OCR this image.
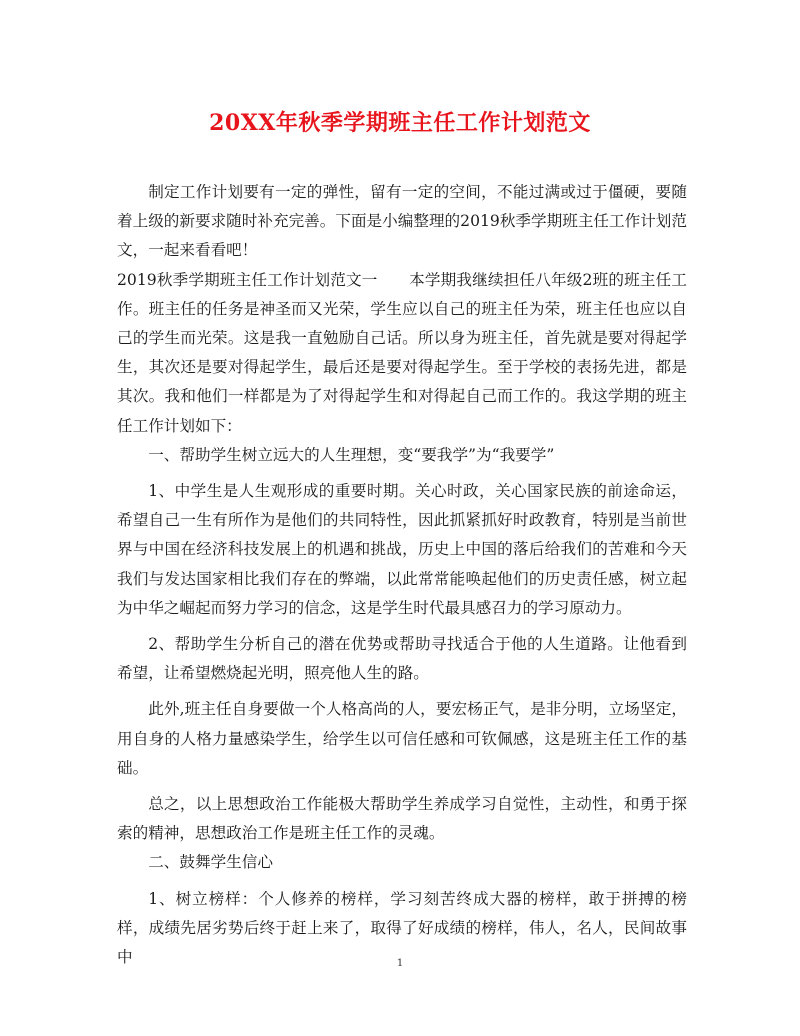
20XX年秋季学期班主任工作计划范文

制定工作计划要有一定的弹性，留有一定的空间，不能过满或过于僵硬，要随着上级的新要求随时补充完善。下面是小编整理的2019秋季学期班主任工作计划范文，一起来看看吧！

2019秋季学期班主任工作计划范文一　　本学期我继续担任八年级2班的班主任工作。班主任的任务是神圣而又光荣，学生应以自己的班主任为荣，班主任也应以自己的学生而光荣。这是我一直勉励自己话。所以身为班主任，首先就是要对得起学生，其次还是要对得起学生，最后还是要对得起学生。至于学校的表扬先进，都是其次。我和他们一样都是为了对得起学生和对得起自己而工作的。我这学期的班主任工作计划如下：

一、帮助学生树立远大的人生理想，变“要我学”为“我要学”

1、中学生是人生观形成的重要时期。关心时政，关心国家民族的前途命运，希望自己一生有所作为是他们的共同特性，因此抓紧抓好时政教育，特别是当前世界与中国在经济科技发展上的机遇和挑战，历史上中国的落后给我们的苦难和今天我们与发达国家相比我们存在的弊端，以此常常能唤起他们的历史责任感，树立起为中华之崛起而努力学习的信念，这是学生时代最具感召力的学习原动力。

2、帮助学生分析自己的潜在优势或帮助寻找适合于他的人生道路。让他看到希望，让希望燃烧起光明，照亮他人生的路。

此外,班主任自身要做一个人格高尚的人，要宏杨正气，是非分明，立场坚定，用自身的人格力量感染学生，给学生以可信任感和可钦佩感，这是班主任工作的基础。

总之，以上思想政治工作能极大帮助学生养成学习自觉性，主动性，和勇于探索的精神，思想政治工作是班主任工作的灵魂。

二、鼓舞学生信心

1、树立榜样：个人修养的榜样，学习刻苦终成大器的榜样，敢于拼搏的榜样，成绩先居劣势后终于赶上来了，取得了好成绩的榜样，伟人，名人，民间故事中	1
